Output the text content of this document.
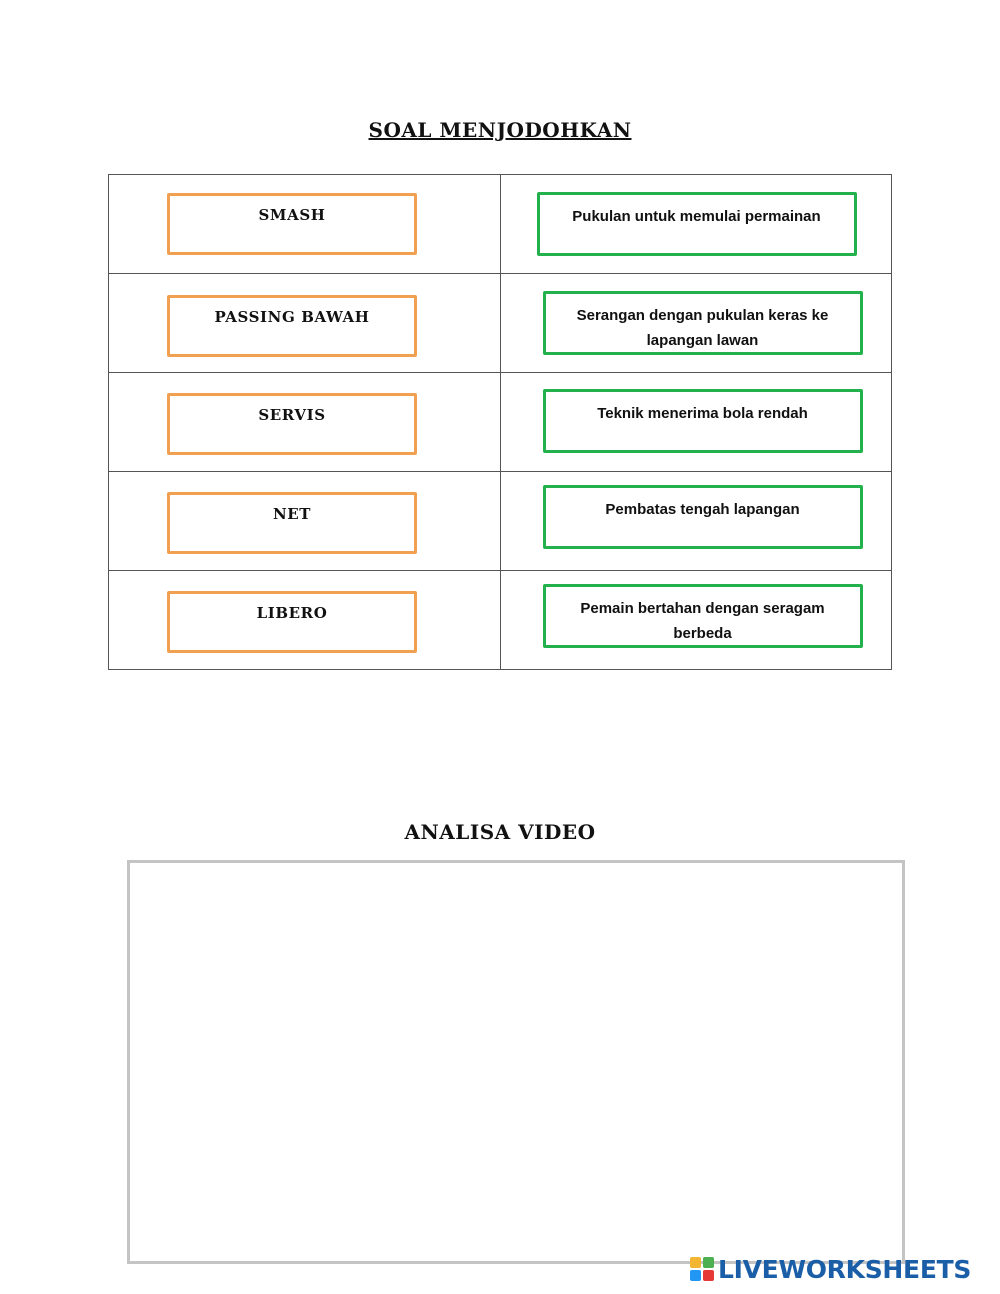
SOAL MENJODOHKAN
SMASH	Pukulan untuk memulai permainan

PASSING BAWAH	Serangan dengan pukulan keras ke lapangan lawan

SERVIS	Teknik menerima bola rendah

NET	Pembatas tengah lapangan

LIBERO	Pemain bertahan dengan seragam berbeda
ANALISA VIDEO
LIVEWORKSHEETS
